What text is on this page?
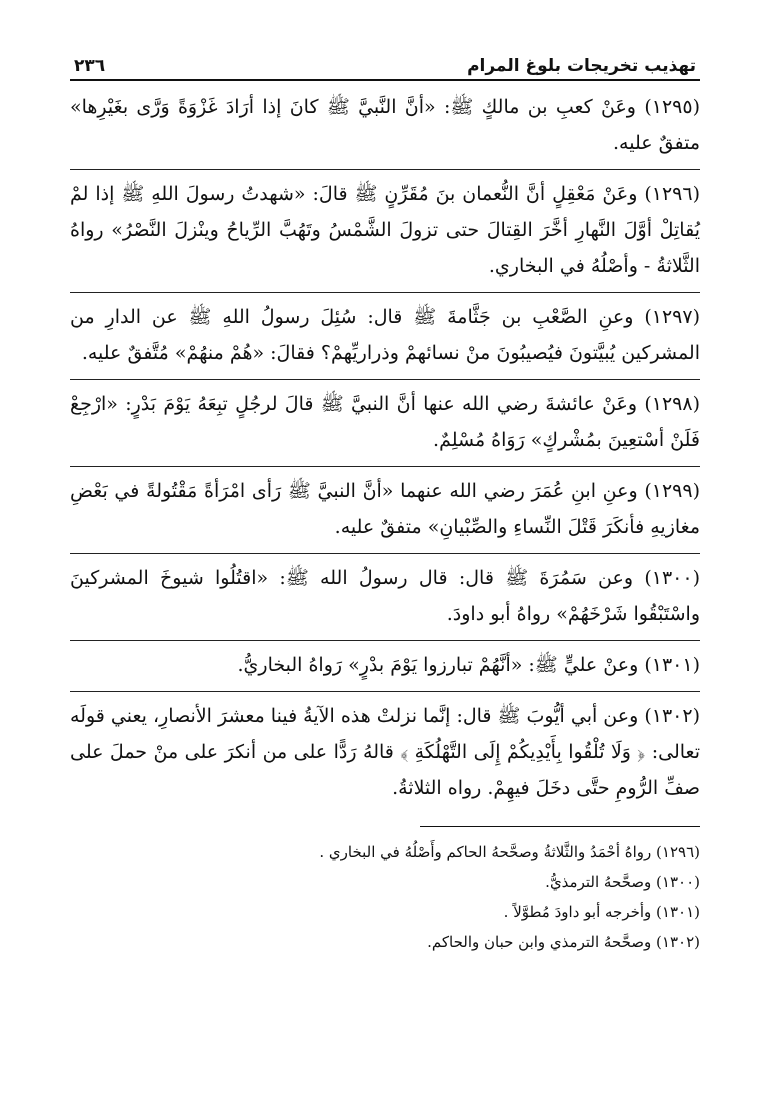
تهذيب تخريجات بلوغ المرام
٢٣٦

(١٢٩٥) وعَنْ كعبِ بن مالكٍ ﷺ: «أنَّ النَّبيَّ ﷺ كانَ إذا أرَادَ غَزْوَةً وَرَّى بغَيْرِها» متفقٌ عليه.

(١٢٩٦) وعَنْ مَعْقِلٍ أنَّ النُّعمان بنَ مُقَرِّنٍ ﷺ قالَ: «شهدتُ رسولَ اللهِ ﷺ إذا لمْ يُقاتِلْ أوَّلَ النَّهارِ أخَّرَ القِتالَ حتى تزولَ الشَّمْسُ وتَهُبَّ الرِّياحُ وينْزلَ النَّصْرُ» رواهُ الثَّلاثةُ - وأصْلُهُ في البخاري.

(١٢٩٧) وعنِ الصَّعْبِ بن جَثَّامةَ ﷺ قال: سُئِلَ رسولُ اللهِ ﷺ عن الدارِ من المشركين يُبيَّتونَ فيُصيبُونَ منْ نسائهمْ وذراريِّهمْ؟ فقالَ: «هُمْ منهُمْ» مُتَّفقٌ عليه.

(١٢٩٨) وعَنْ عائشةَ رضي الله عنها أنَّ النبيَّ ﷺ قالَ لرجُلٍ تبِعَهُ يَوْمَ بَدْرٍ: «ارْجِعْ فَلَنْ أسْتعِينَ بمُشْركٍ» رَوَاهُ مُسْلِمٌ.

(١٢٩٩) وعنِ ابنِ عُمَرَ رضي الله عنهما «أنَّ النبيَّ ﷺ رَأى امْرَأةً مَقْتُولةً في بَعْضِ مغازيهِ فأنكَرَ قَتْلَ النِّساءِ والصِّبْيانِ» متفقٌ عليه.

(١٣٠٠) وعن سَمُرَةَ ﷺ قال: قال رسولُ الله ﷺ: «اقتُلُوا شيوخَ المشركينَ واسْتَبْقُوا شَرْخَهُمْ» رواهُ أبو داودَ.

(١٣٠١) وعنْ عليٍّ ﷺ: «أنَّهُمْ تبارزوا يَوْمَ بدْرٍ» رَواهُ البخاريُّ.

(١٣٠٢) وعن أبي أيُّوبَ ﷺ قال: إنَّما نزلتْ هذه الآيةُ فينا معشرَ الأنصارِ، يعني قولَه تعالى: ﴿ وَلَا تُلْقُوا بِأَيْدِيكُمْ إِلَى التَّهْلُكَةِ ﴾ قالهُ رَدًّا على من أنكرَ على منْ حملَ على صفِّ الرُّومِ حتَّى دخَلَ فيهِمْ. رواه الثلاثةُ.

(١٢٩٦) رواهُ أحْمَدُ والثَّلاثةُ وصحَّحهُ الحاكم وأَصْلُهُ في البخاري .

(١٣٠٠) وصحَّحهُ الترمذيُّ.

(١٣٠١) وأخرجه أبو داودَ مُطوَّلاً .

(١٣٠٢) وصحَّحهُ الترمذي وابن حبان والحاكم.
